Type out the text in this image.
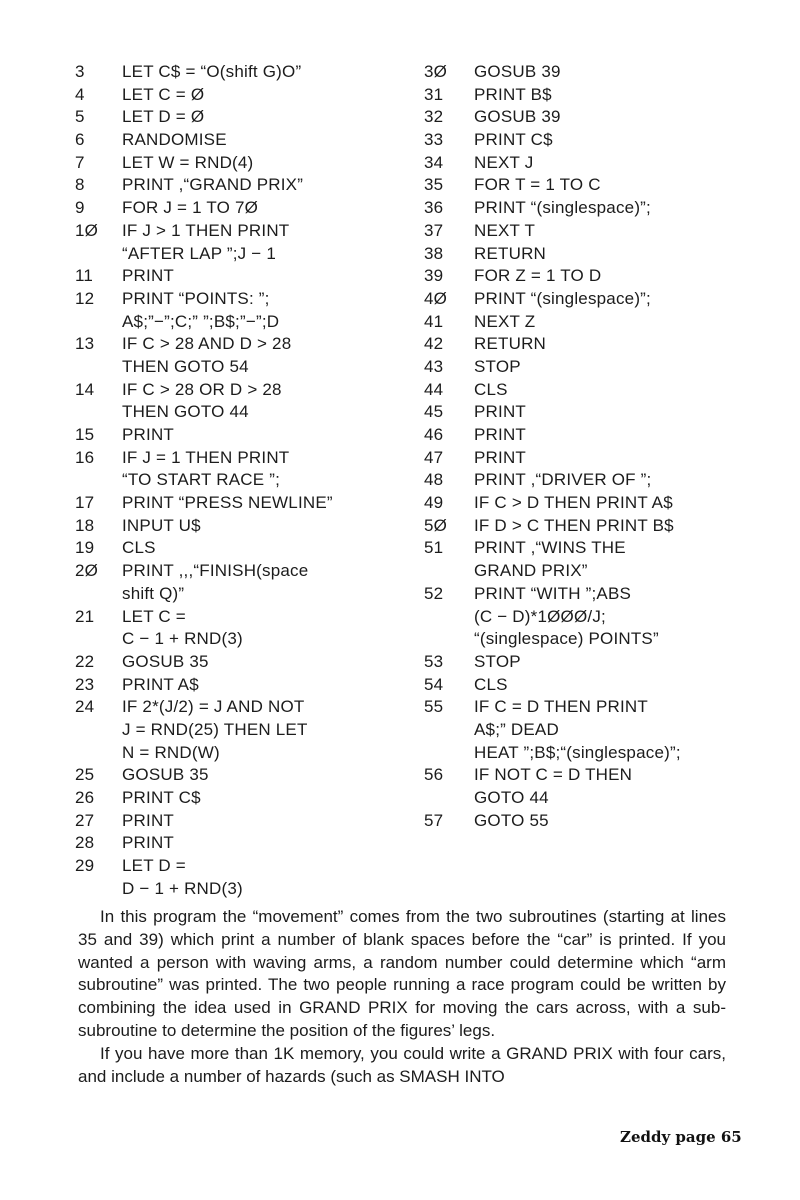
3	LET C$ = “O(shift G)O”
4	LET C = Ø
5	LET D = Ø
6	RANDOMISE
7	LET W = RND(4)
8	PRINT ,“GRAND PRIX”
9	FOR J = 1 TO 7Ø
1Ø	IF J > 1 THEN PRINT
“AFTER LAP ”;J − 1
11	PRINT
12	PRINT “POINTS: ”;
A$;”−”;C;” ”;B$;”−”;D
13	IF C > 28 AND D > 28
THEN GOTO 54
14	IF C > 28 OR D > 28
THEN GOTO 44
15	PRINT
16	IF J = 1 THEN PRINT
“TO START RACE ”;
17	PRINT “PRESS NEWLINE”
18	INPUT U$
19	CLS
2Ø	PRINT ,,,“FINISH(space
shift Q)”
21	LET C =
C − 1 + RND(3)
22	GOSUB 35
23	PRINT A$
24	IF 2*(J/2) = J AND NOT
J = RND(25) THEN LET
N = RND(W)
25	GOSUB 35
26	PRINT C$
27	PRINT
28	PRINT
29	LET D =
D − 1 + RND(3)
3Ø	GOSUB 39
31	PRINT B$
32	GOSUB 39
33	PRINT C$
34	NEXT J
35	FOR T = 1 TO C
36	PRINT “(singlespace)”;
37	NEXT T
38	RETURN
39	FOR Z = 1 TO D
4Ø	PRINT “(singlespace)”;
41	NEXT Z
42	RETURN
43	STOP
44	CLS
45	PRINT
46	PRINT
47	PRINT
48	PRINT ,“DRIVER OF ”;
49	IF C > D THEN PRINT A$
5Ø	IF D > C THEN PRINT B$
51	PRINT ,“WINS THE
GRAND PRIX”
52	PRINT “WITH ”;ABS
(C − D)*1ØØØ/J;
“(singlespace) POINTS”
53	STOP
54	CLS
55	IF C = D THEN PRINT
A$;” DEAD
HEAT ”;B$;“(singlespace)”;
56	IF NOT C = D THEN
GOTO 44
57	GOTO 55

In this program the “movement” comes from the two subroutines (starting at lines 35 and 39) which print a number of blank spaces before the “car” is printed. If you wanted a person with waving arms, a random number could determine which “arm subroutine” was printed. The two people running a race program could be written by combining the idea used in GRAND PRIX for moving the cars across, with a sub-subroutine to determine the position of the figures’ legs.

If you have more than 1K memory, you could write a GRAND PRIX with four cars, and include a number of hazards (such as SMASH INTO

Zeddy page 65
